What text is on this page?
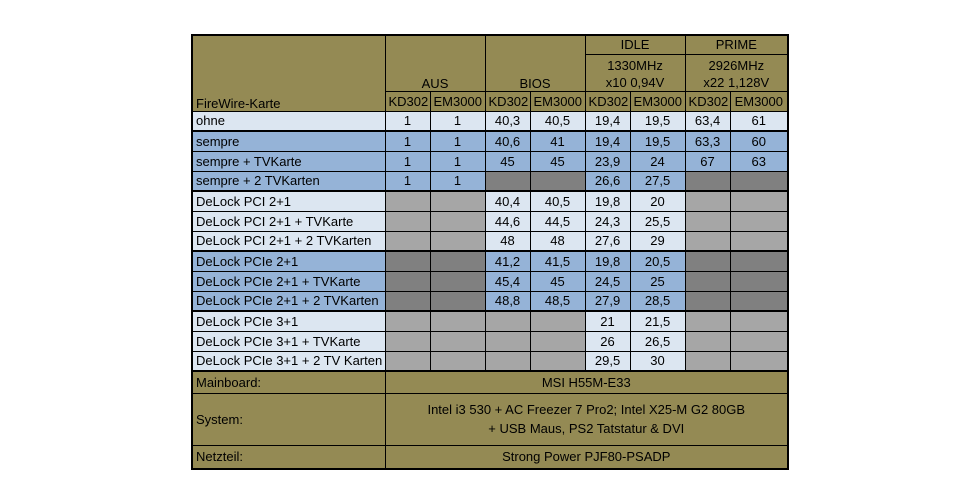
FireWire-Karte	AUS		BIOS		IDLE		PRIME	

1330MHz
x10 0,94V

2926MHz
x22 1,128V

	KD302	EM3000	KD302	EM3000	KD302	EM3000	KD302	EM3000
ohne	1	1	40,3	40,5	19,4	19,5	63,4	61
sempre	1	1	40,6	41	19,4	19,5	63,3	60
sempre + TVKarte	1	1	45	45	23,9	24	67	63
sempre + 2 TVKarten	1	1			26,6	27,5		
DeLock PCI 2+1			40,4	40,5	19,8	20		
DeLock PCI 2+1 + TVKarte			44,6	44,5	24,3	25,5		
DeLock PCI 2+1 + 2 TVKarten			48	48	27,6	29		
DeLock PCIe 2+1			41,2	41,5	19,8	20,5		
DeLock PCIe 2+1 + TVKarte			45,4	45	24,5	25		
DeLock PCIe 2+1 + 2 TVKarten			48,8	48,5	27,9	28,5		
DeLock PCIe 3+1					21	21,5		
DeLock PCIe 3+1 + TVKarte					26	26,5		
DeLock PCIe 3+1 + 2 TV Karten					29,5	30		
Mainboard:	MSI H55M-E33							
System:	Intel i3 530 + AC Freezer 7 Pro2; Intel X25-M G2 80GB
+ USB Maus, PS2 Tatstatur & DVI							

Netzteil:	Strong Power PJF80-PSADP							
